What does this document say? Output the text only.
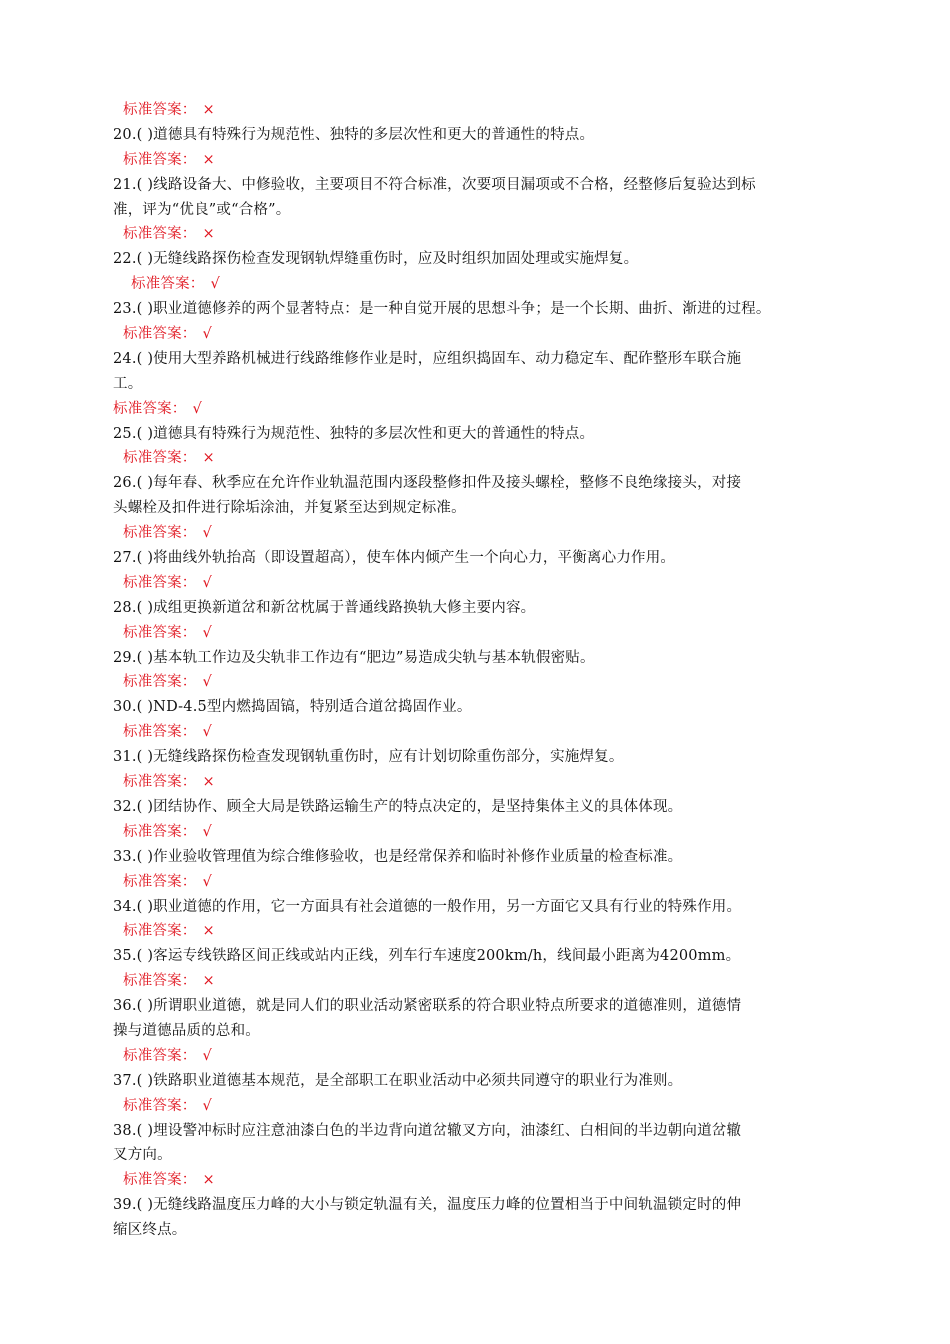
标准答案： ×
20.( )道德具有特殊行为规范性、独特的多层次性和更大的普通性的特点。
标准答案： ×
21.( )线路设备大、中修验收，主要项目不符合标准，次要项目漏项或不合格，经整修后复验达到标
准，评为“优良”或“合格”。
标准答案： ×
22.( )无缝线路探伤检查发现钢轨焊缝重伤时，应及时组织加固处理或实施焊复。
标准答案： √
23.( )职业道德修养的两个显著特点：是一种自觉开展的思想斗争；是一个长期、曲折、渐进的过程。
标准答案： √
24.( )使用大型养路机械进行线路维修作业是时，应组织捣固车、动力稳定车、配砟整形车联合施
工。
标准答案： √
25.( )道德具有特殊行为规范性、独特的多层次性和更大的普通性的特点。
标准答案： ×
26.( )每年春、秋季应在允许作业轨温范围内逐段整修扣件及接头螺栓，整修不良绝缘接头，对接
头螺栓及扣件进行除垢涂油，并复紧至达到规定标准。
标准答案： √
27.( )将曲线外轨抬高（即设置超高），使车体内倾产生一个向心力，平衡离心力作用。
标准答案： √
28.( )成组更换新道岔和新岔枕属于普通线路换轨大修主要内容。
标准答案： √
29.( )基本轨工作边及尖轨非工作边有“肥边”易造成尖轨与基本轨假密贴。
标准答案： √
30.( )ND-4.5型内燃捣固镐，特别适合道岔捣固作业。
标准答案： √
31.( )无缝线路探伤检查发现钢轨重伤时，应有计划切除重伤部分，实施焊复。
标准答案： ×
32.( )团结协作、顾全大局是铁路运输生产的特点决定的，是坚持集体主义的具体体现。
标准答案： √
33.( )作业验收管理值为综合维修验收，也是经常保养和临时补修作业质量的检查标准。
标准答案： √
34.( )职业道德的作用，它一方面具有社会道德的一般作用，另一方面它又具有行业的特殊作用。
标准答案： ×
35.( )客运专线铁路区间正线或站内正线，列车行车速度200km/h，线间最小距离为4200mm。
标准答案： ×
36.( )所谓职业道德，就是同人们的职业活动紧密联系的符合职业特点所要求的道德准则，道德情
操与道德品质的总和。
标准答案： √
37.( )铁路职业道德基本规范，是全部职工在职业活动中必须共同遵守的职业行为准则。
标准答案： √
38.( )埋设警冲标时应注意油漆白色的半边背向道岔辙叉方向，油漆红、白相间的半边朝向道岔辙
叉方向。
标准答案： ×
39.( )无缝线路温度压力峰的大小与锁定轨温有关，温度压力峰的位置相当于中间轨温锁定时的伸
缩区终点。
